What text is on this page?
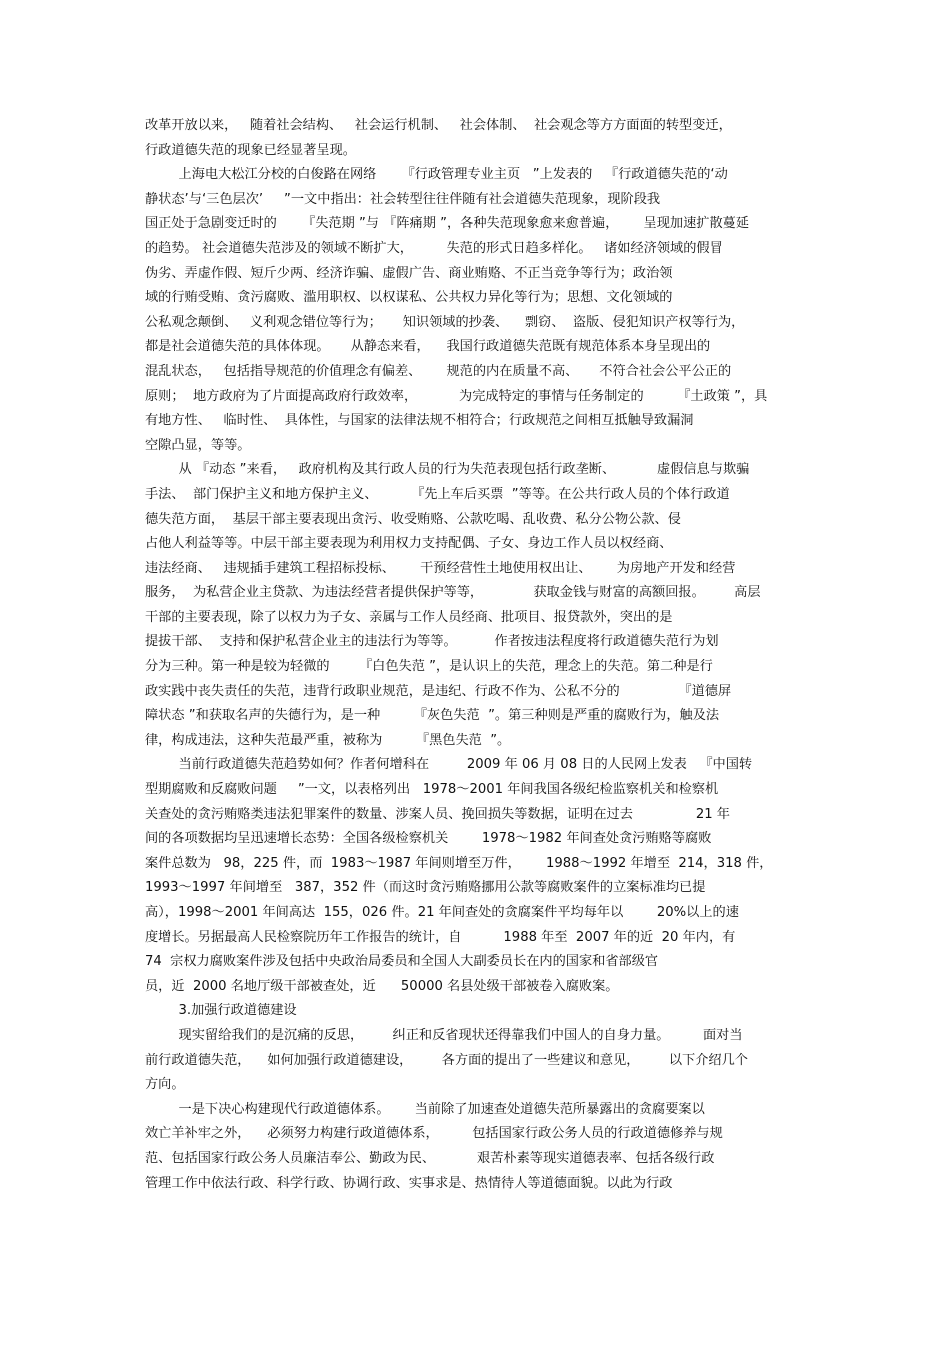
改革开放以来，   随着社会结构、   社会运行机制、   社会体制、  社会观念等方方面面的转型变迁，
行政道德失范的现象已经显著呈现。
上海电大松江分校的白俊路在网络      『行政管理专业主页   ”上发表的   『行政道德失范的‘动
静状态’与‘三色层次’     ”一文中指出：社会转型往往伴随有社会道德失范现象，现阶段我
国正处于急剧变迁时的      『失范期 ”与 『阵痛期 ”，各种失范现象愈来愈普遍，      呈现加速扩散蔓延
的趋势。 社会道德失范涉及的领域不断扩大，        失范的形式日趋多样化。   诸如经济领域的假冒
伪劣、弄虚作假、短斤少两、经济诈骗、虚假广告、商业贿赂、不正当竞争等行为；政治领
域的行贿受贿、贪污腐败、滥用职权、以权谋私、公共权力异化等行为；思想、文化领域的
公私观念颠倒、   义利观念错位等行为；     知识领域的抄袭、    剽窃、  盗版、侵犯知识产权等行为，
都是社会道德失范的具体体现。     从静态来看，    我国行政道德失范既有规范体系本身呈现出的
混乱状态，   包括指导规范的价值理念有偏差、      规范的内在质量不高、     不符合社会公平公正的
原则；  地方政府为了片面提高政府行政效率，          为完成特定的事情与任务制定的        『土政策 ”，具
有地方性、   临时性、  具体性，与国家的法律法规不相符合；行政规范之间相互抵触导致漏洞
空隙凸显，等等。
从 『动态 ”来看，   政府机构及其行政人员的行为失范表现包括行政垄断、          虚假信息与欺骗
手法、  部门保护主义和地方保护主义、        『先上车后买票  ”等等。在公共行政人员的个体行政道
德失范方面，  基层干部主要表现出贪污、收受贿赂、公款吃喝、乱收费、私分公物公款、侵
占他人利益等等。中层干部主要表现为利用权力支持配偶、子女、身边工作人员以权经商、
违法经商、   违规插手建筑工程招标投标、      干预经营性土地使用权出让、      为房地产开发和经营
服务，  为私营企业主贷款、为违法经营者提供保护等等，            获取金钱与财富的高额回报。       高层
干部的主要表现，除了以权力为子女、亲属与工作人员经商、批项目、报贷款外，突出的是
提拔干部、  支持和保护私营企业主的违法行为等等。         作者按违法程度将行政道德失范行为划
分为三种。第一种是较为轻微的       『白色失范 ”，是认识上的失范，理念上的失范。第二种是行
政实践中丧失责任的失范，违背行政职业规范，是违纪、行政不作为、公私不分的              『道德屏
障状态 ”和获取名声的失德行为，是一种        『灰色失范  ”。第三种则是严重的腐败行为，触及法
律，构成违法，这种失范最严重，被称为        『黑色失范  ”。
当前行政道德失范趋势如何？作者何增科在         2009 年 06 月 08 日的人民网上发表   『中国转
型期腐败和反腐败问题     ”一文，以表格列出   1978～2001 年间我国各级纪检监察机关和检察机
关查处的贪污贿赂类违法犯罪案件的数量、涉案人员、挽回损失等数据，证明在过去               21 年
间的各项数据均呈迅速增长态势：全国各级检察机关        1978～1982 年间查处贪污贿赂等腐败
案件总数为   98，225 件，而  1983～1987 年间则增至万件，      1988～1992 年增至  214，318 件，
1993～1997 年间增至   387，352 件（而这时贪污贿赂挪用公款等腐败案件的立案标准均已提
高），1998～2001 年间高达  155，026 件。21 年间查处的贪腐案件平均每年以        20%以上的速
度增长。另据最高人民检察院历年工作报告的统计，自          1988 年至  2007 年的近  20 年内，有
74  宗权力腐败案件涉及包括中央政治局委员和全国人大副委员长在内的国家和省部级官
员，近  2000 名地厅级干部被查处，近      50000 名县处级干部被卷入腐败案。
3.加强行政道德建设
现实留给我们的是沉痛的反思，       纠正和反省现状还得靠我们中国人的自身力量。        面对当
前行政道德失范，    如何加强行政道德建设，       各方面的提出了一些建议和意见，       以下介绍几个
方向。
一是下决心构建现代行政道德体系。      当前除了加速查处道德失范所暴露出的贪腐要案以
效亡羊补牢之外，    必须努力构建行政道德体系，        包括国家行政公务人员的行政道德修养与规
范、包括国家行政公务人员廉洁奉公、勤政为民、          艰苦朴素等现实道德表率、包括各级行政
管理工作中依法行政、科学行政、协调行政、实事求是、热情待人等道德面貌。以此为行政
